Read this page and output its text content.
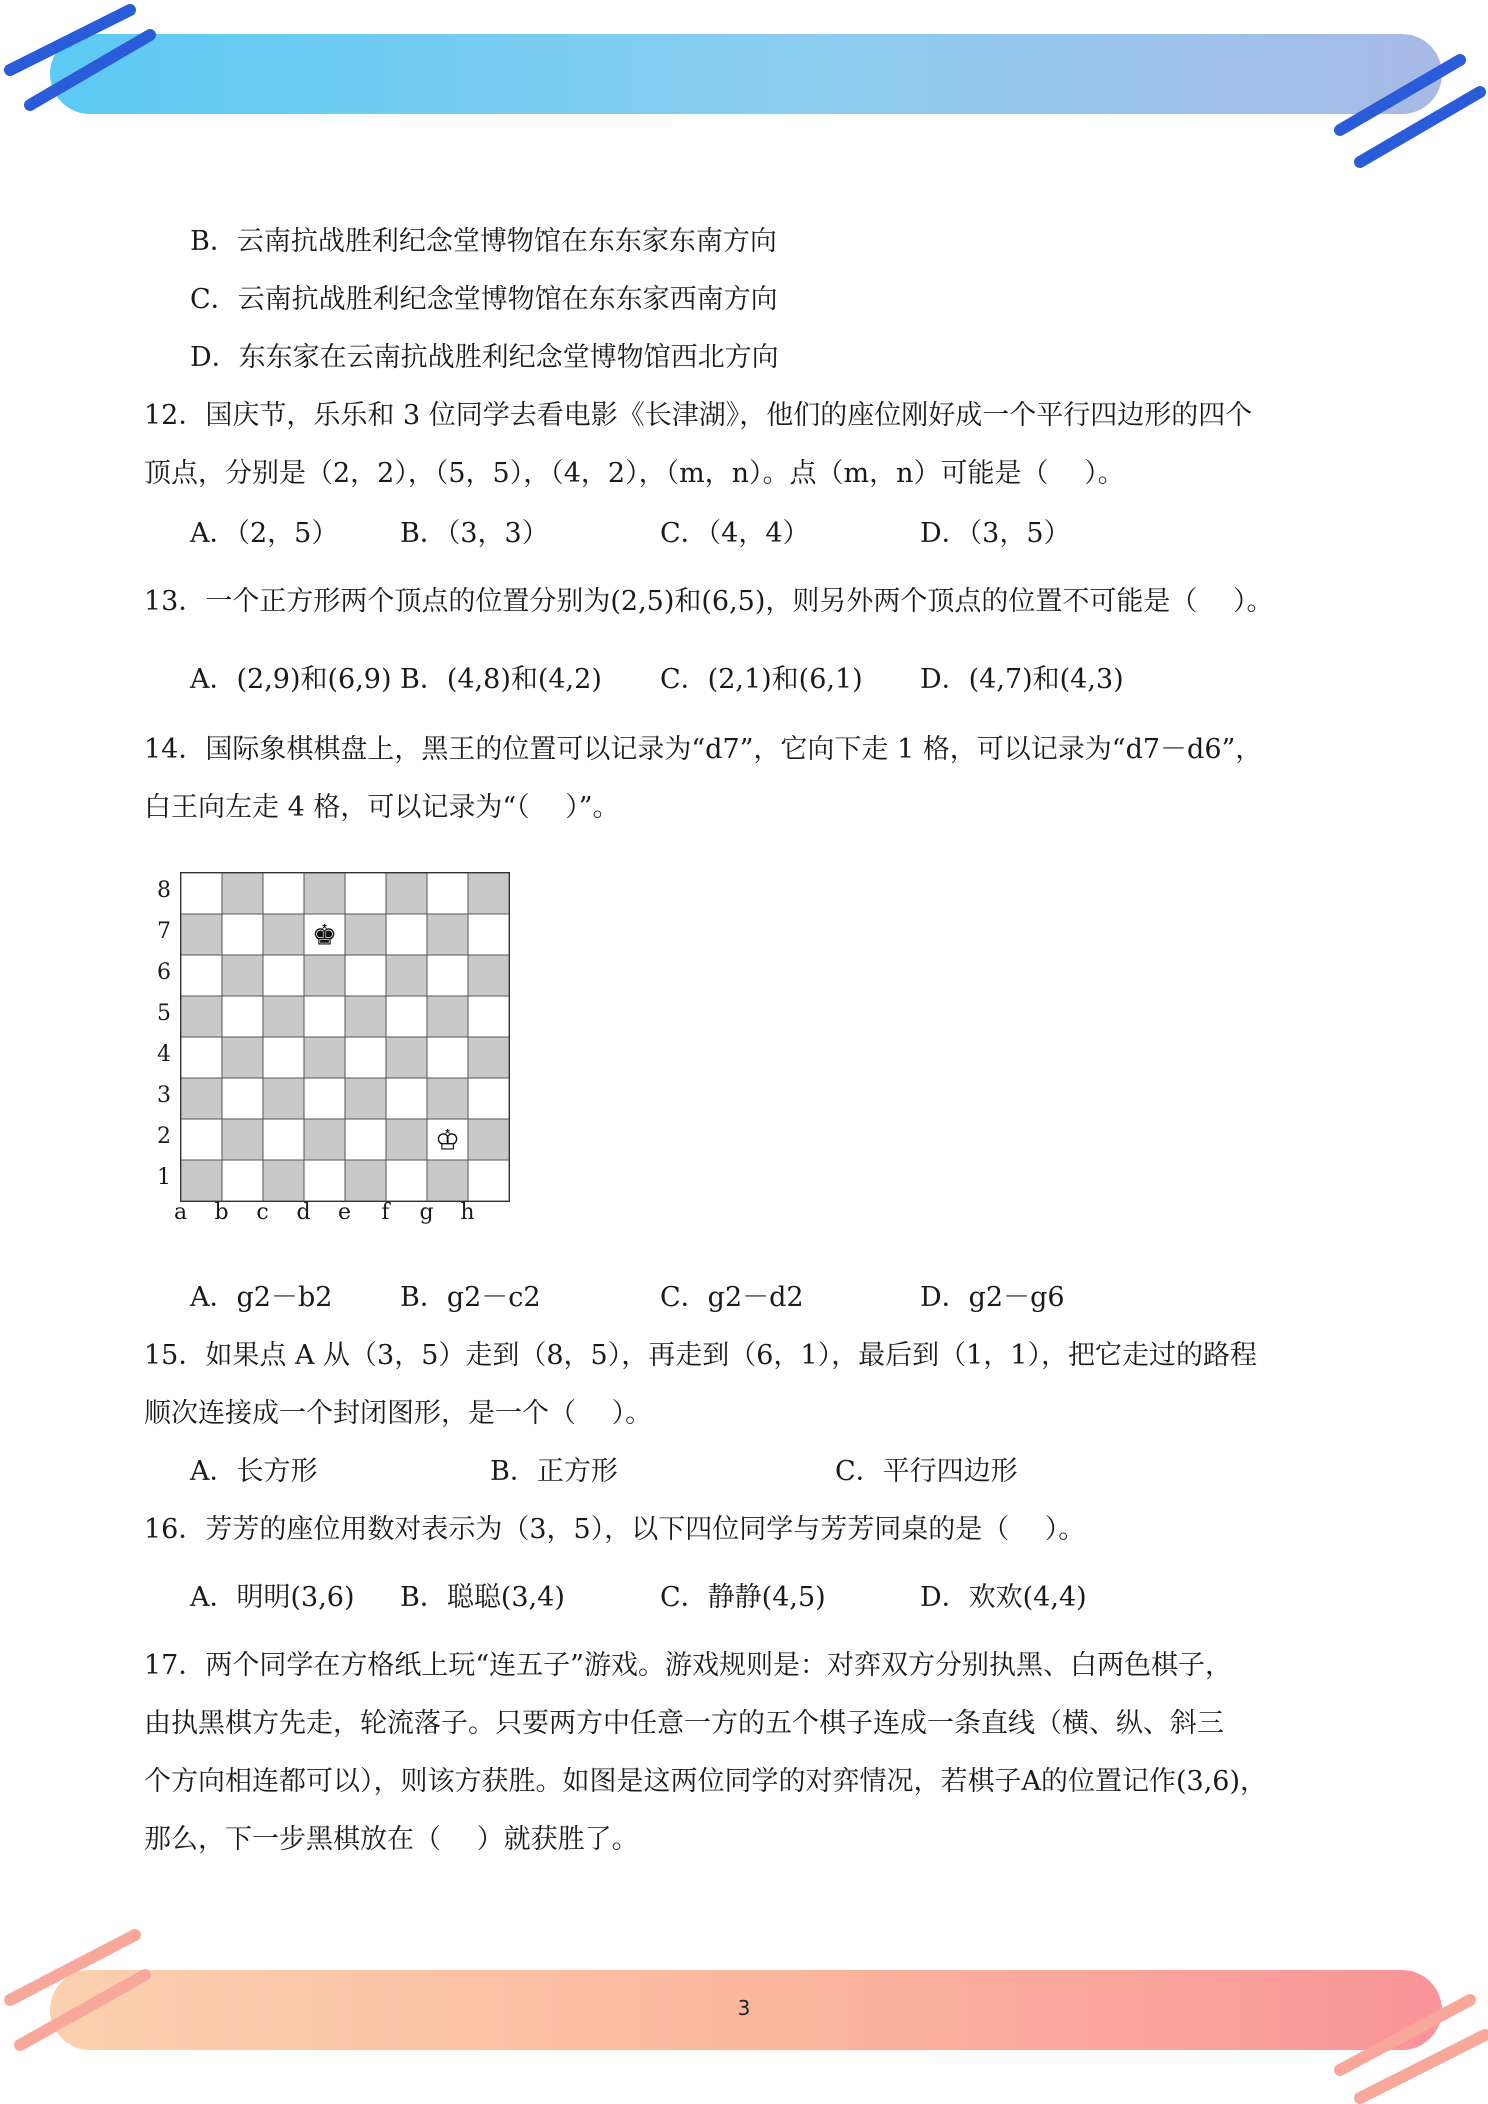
3
B．云南抗战胜利纪念堂博物馆在东东家东南方向
C．云南抗战胜利纪念堂博物馆在东东家西南方向
D．东东家在云南抗战胜利纪念堂博物馆西北方向
12．国庆节，乐乐和 3 位同学去看电影《长津湖》，他们的座位刚好成一个平行四边形的四个
顶点，分别是（2，2），（5，5），（4，2），（m，n）。点（m，n）可能是（　 ）。
A．（2，5） B．（3，3）	C．（4，4）	D．（3，5）
13．一个正方形两个顶点的位置分别为(2,5)和(6,5)，则另外两个顶点的位置不可能是（　 ）。
A．(2,9)和(6,9) B．(4,8)和(4,2) C．(2,1)和(6,1) D．(4,7)和(4,3)
14．国际象棋棋盘上，黑王的位置可以记录为“d7”，它向下走 1 格，可以记录为“d7－d6”，
白王向左走 4 格，可以记录为“（　 ）”。
8
7
6
5
4
3
2
1
♚
♔
a	b	c	d	e	f	g	h
A．g2－b2	B．g2－c2	C．g2－d2	D．g2－g6
15．如果点 A 从（3，5）走到（8，5），再走到（6，1），最后到（1，1），把它走过的路程
顺次连接成一个封闭图形，是一个（　 ）。
A．长方形	B．正方形	C．平行四边形
16．芳芳的座位用数对表示为（3，5），以下四位同学与芳芳同桌的是（　 ）。
A．明明(3,6) B．聪聪(3,4)	C．静静(4,5)	D．欢欢(4,4)
17．两个同学在方格纸上玩“连五子”游戏。游戏规则是：对弈双方分别执黑、白两色棋子，
由执黑棋方先走，轮流落子。只要两方中任意一方的五个棋子连成一条直线（横、纵、斜三
个方向相连都可以），则该方获胜。如图是这两位同学的对弈情况，若棋子A的位置记作(3,6)，
那么，下一步黑棋放在（　 ）就获胜了。
